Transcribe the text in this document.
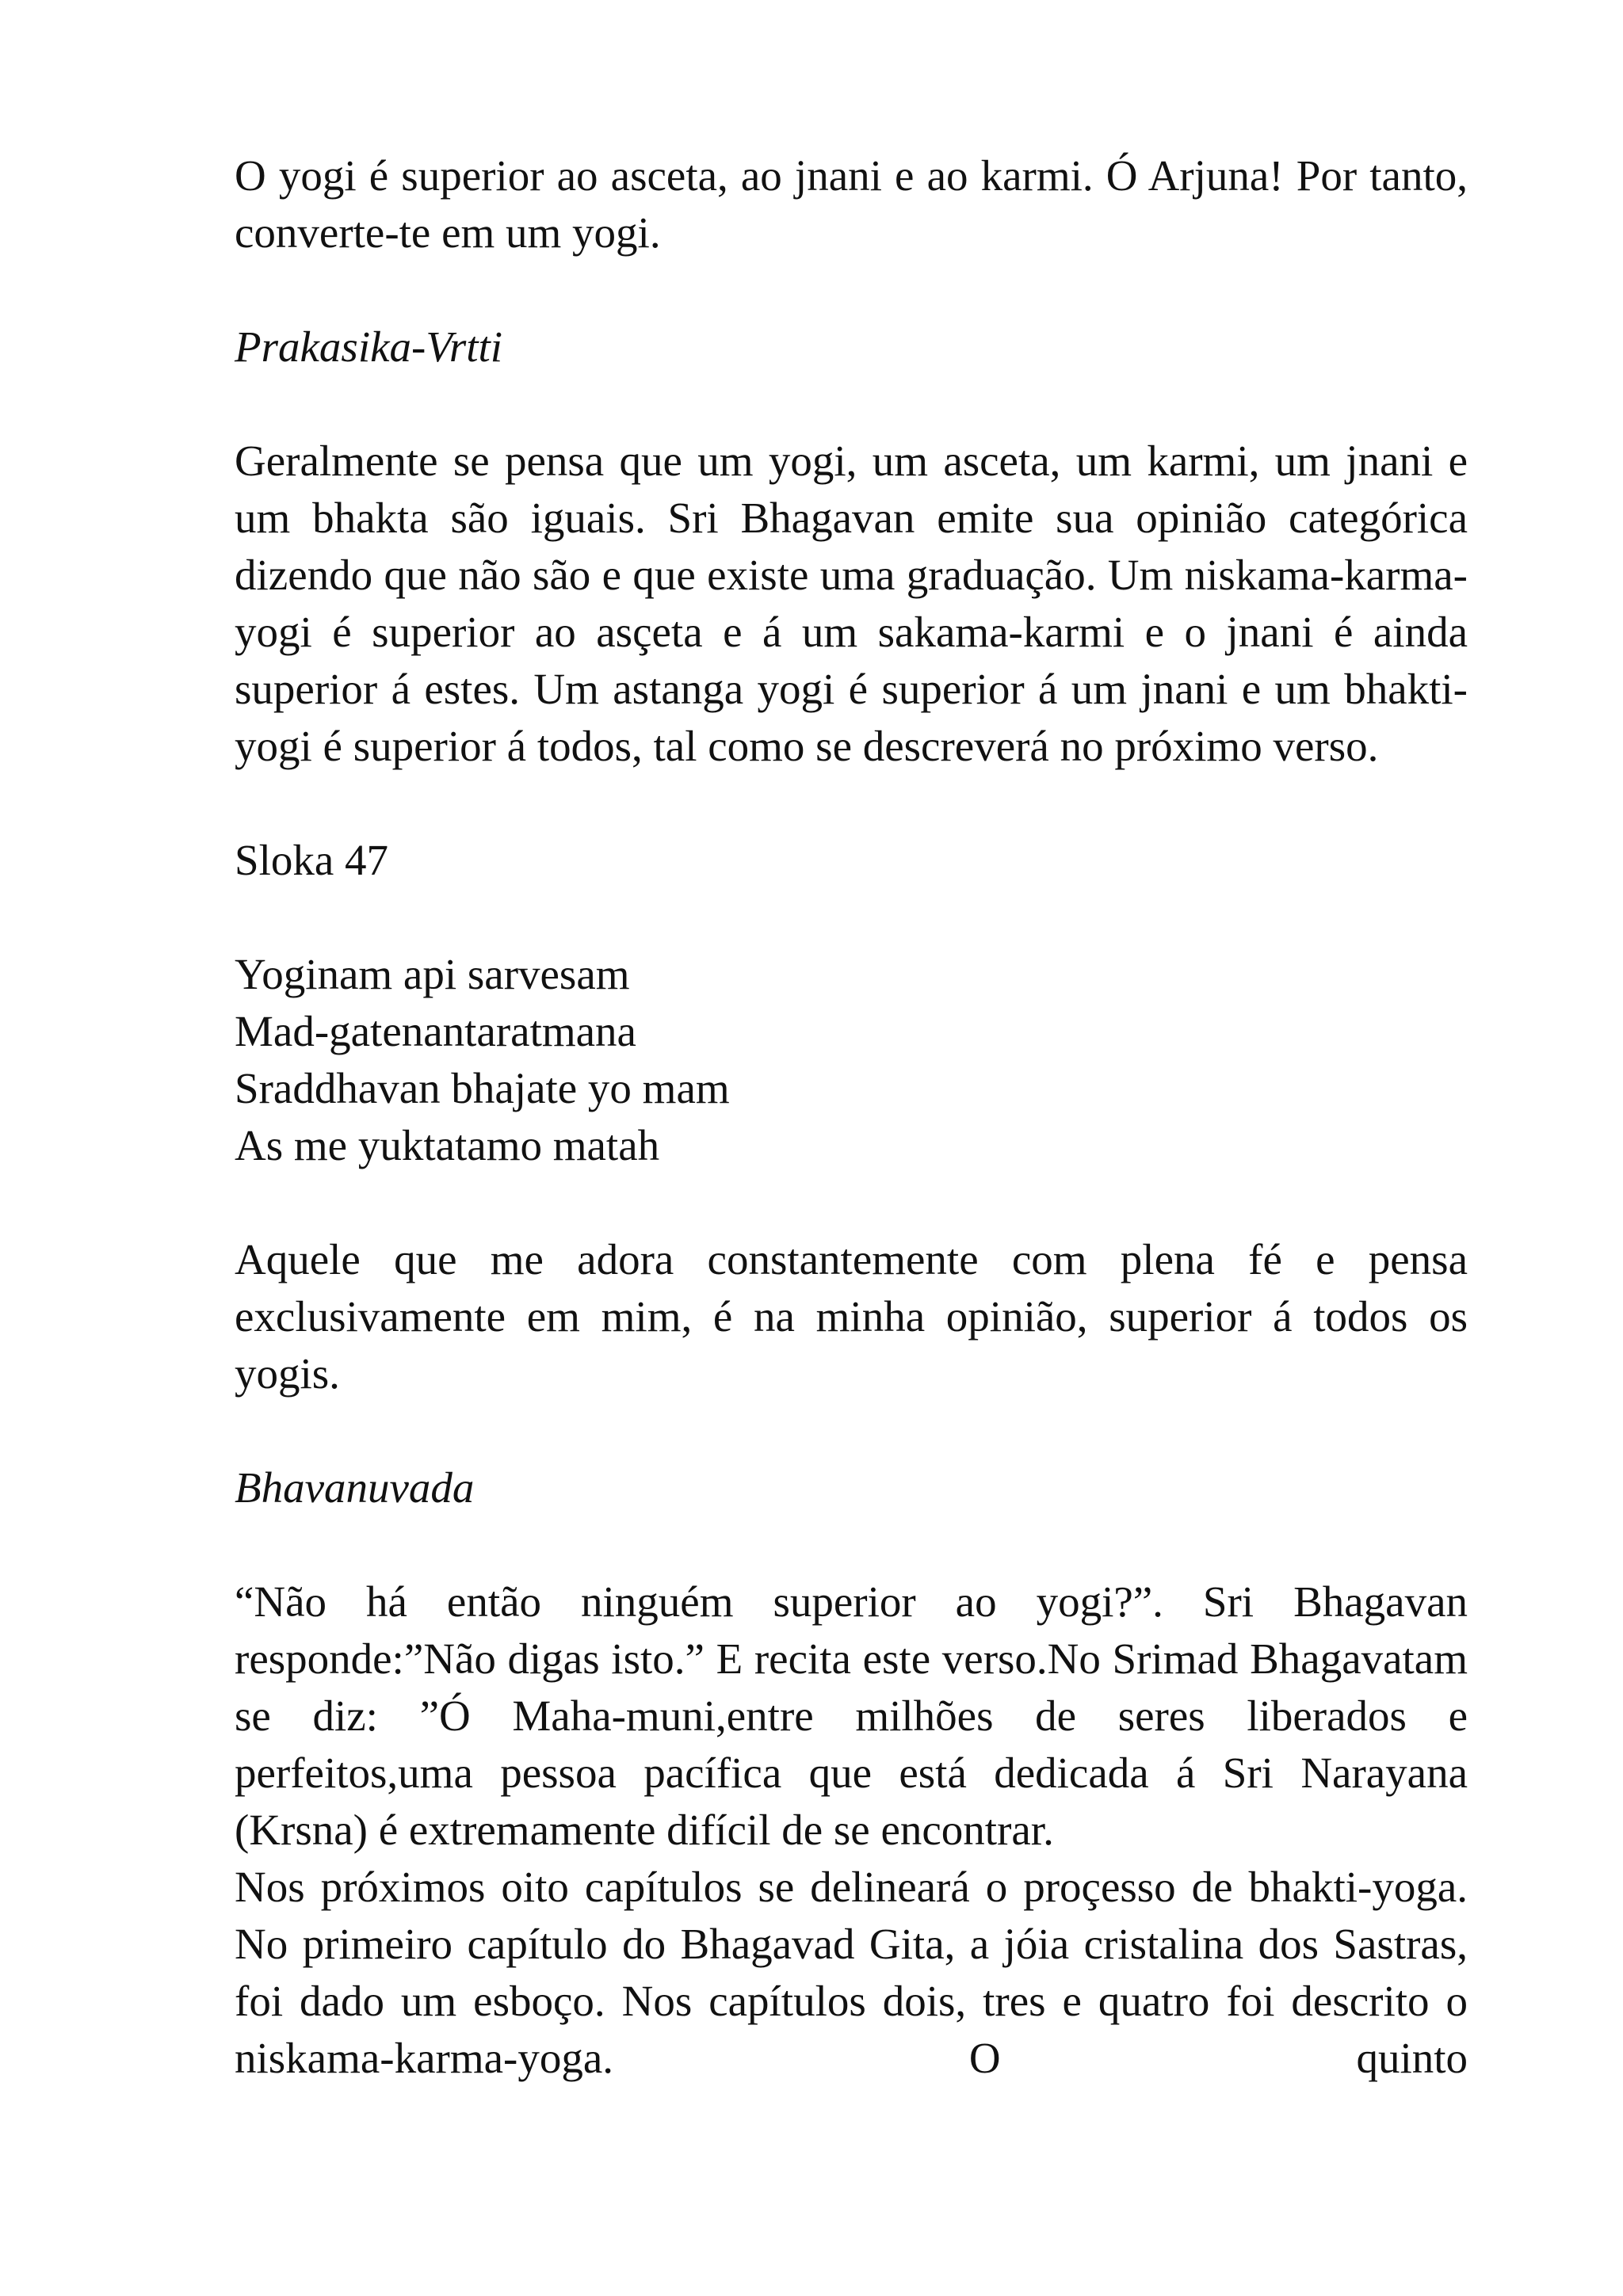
O yogi é superior ao asceta, ao jnani e ao karmi. Ó Arjuna! Por tanto, converte-te em um yogi.

Prakasika-Vrtti

Geralmente se pensa que um yogi, um asceta, um karmi, um jnani e um bhakta são iguais. Sri Bhagavan emite sua opinião categórica dizendo que não são e que existe uma graduação. Um niskama-karma-yogi é superior ao asçeta e á um sakama-karmi e o jnani é ainda superior á estes. Um astanga yogi é superior á um jnani e um bhakti-yogi é superior á todos, tal como se descreverá no próximo verso.

Sloka 47

Yoginam api sarvesam
Mad-gatenantaratmana
Sraddhavan bhajate yo mam
As me yuktatamo matah

Aquele que me adora constantemente com plena fé e pensa exclusivamente em mim, é na minha opinião, superior á todos os yogis.

Bhavanuvada

“Não há então ninguém superior ao yogi?”. Sri Bhagavan responde:”Não digas isto.” E recita este verso.No Srimad Bhagavatam se diz: ”Ó Maha-muni,entre milhões de seres liberados e perfeitos,uma pessoa pacífica que está dedicada á Sri Narayana (Krsna) é extremamente difícil de se encontrar.

Nos próximos oito capítulos se delineará o proçesso de bhakti-yoga. No primeiro capítulo do Bhagavad Gita, a jóia cristalina dos Sastras, foi dado um esboço. Nos capítulos dois, tres e quatro foi descrito o niskama-karma-yoga. O quinto
